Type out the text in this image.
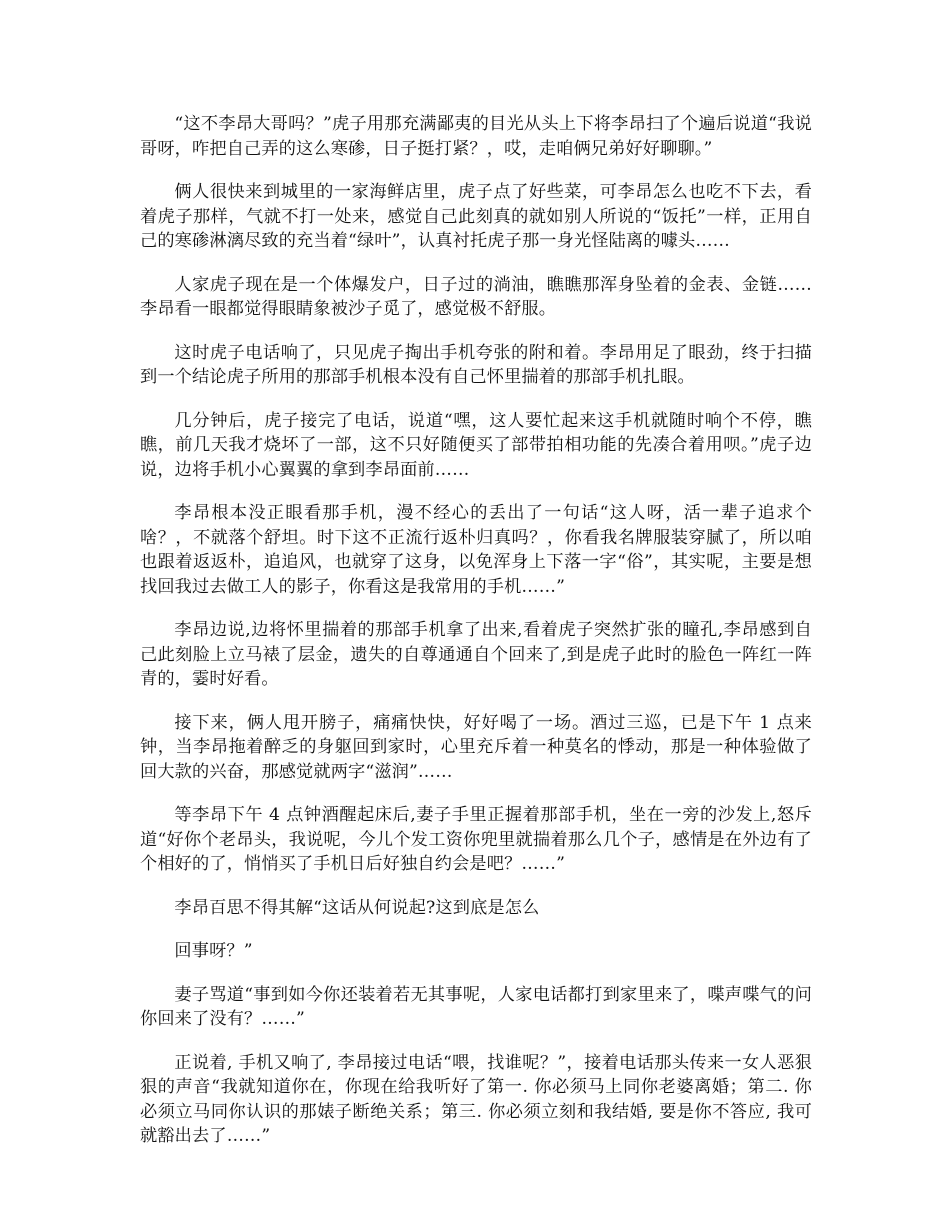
“这不李昂大哥吗？”虎子用那充满鄙夷的目光从头上下将李昂扫了个遍后说道“我说哥呀，咋把自己弄的这么寒碜，日子挺打紧？，哎，走咱俩兄弟好好聊聊。”

俩人很快来到城里的一家海鲜店里，虎子点了好些菜，可李昂怎么也吃不下去，看着虎子那样，气就不打一处来，感觉自己此刻真的就如别人所说的“饭托”一样，正用自己的寒碜淋漓尽致的充当着“绿叶”，认真衬托虎子那一身光怪陆离的噱头……

人家虎子现在是一个体爆发户，日子过的淌油，瞧瞧那浑身坠着的金表、金链……李昂看一眼都觉得眼睛象被沙子觅了，感觉极不舒服。

这时虎子电话响了，只见虎子掏出手机夸张的附和着。李昂用足了眼劲，终于扫描到一个结论虎子所用的那部手机根本没有自己怀里揣着的那部手机扎眼。

几分钟后，虎子接完了电话，说道“嘿，这人要忙起来这手机就随时响个不停，瞧瞧，前几天我才烧坏了一部，这不只好随便买了部带拍相功能的先凑合着用呗。”虎子边说，边将手机小心翼翼的拿到李昂面前……

李昂根本没正眼看那手机，漫不经心的丢出了一句话“这人呀，活一辈子追求个啥？，不就落个舒坦。时下这不正流行返朴归真吗？，你看我名牌服装穿腻了，所以咱也跟着返返朴，追追风，也就穿了这身，以免浑身上下落一字“俗”，其实呢，主要是想找回我过去做工人的影子，你看这是我常用的手机……”

李昂边说,边将怀里揣着的那部手机拿了出来,看着虎子突然扩张的瞳孔,李昂感到自己此刻脸上立马裱了层金，遗失的自尊通通自个回来了,到是虎子此时的脸色一阵红一阵青的，霎时好看。

接下来，俩人甩开膀子，痛痛快快，好好喝了一场。酒过三巡，已是下午 1 点来钟，当李昂拖着醉乏的身躯回到家时，心里充斥着一种莫名的悸动，那是一种体验做了回大款的兴奋，那感觉就两字“滋润”……

等李昂下午 4 点钟酒醒起床后,妻子手里正握着那部手机，坐在一旁的沙发上,怒斥道“好你个老昂头，我说呢，今儿个发工资你兜里就揣着那么几个子，感情是在外边有了个相好的了，悄悄买了手机日后好独自约会是吧？……”

李昂百思不得其解“这话从何说起?这到底是怎么

回事呀？”

妻子骂道“事到如今你还装着若无其事呢，人家电话都打到家里来了，喋声喋气的问你回来了没有？……”

正说着, 手机又响了, 李昂接过电话“喂，找谁呢？”，接着电话那头传来一女人恶狠狠的声音“我就知道你在，你现在给我听好了第一. 你必须马上同你老婆离婚；第二. 你必须立马同你认识的那婊子断绝关系；第三. 你必须立刻和我结婚, 要是你不答应, 我可就豁出去了……”
